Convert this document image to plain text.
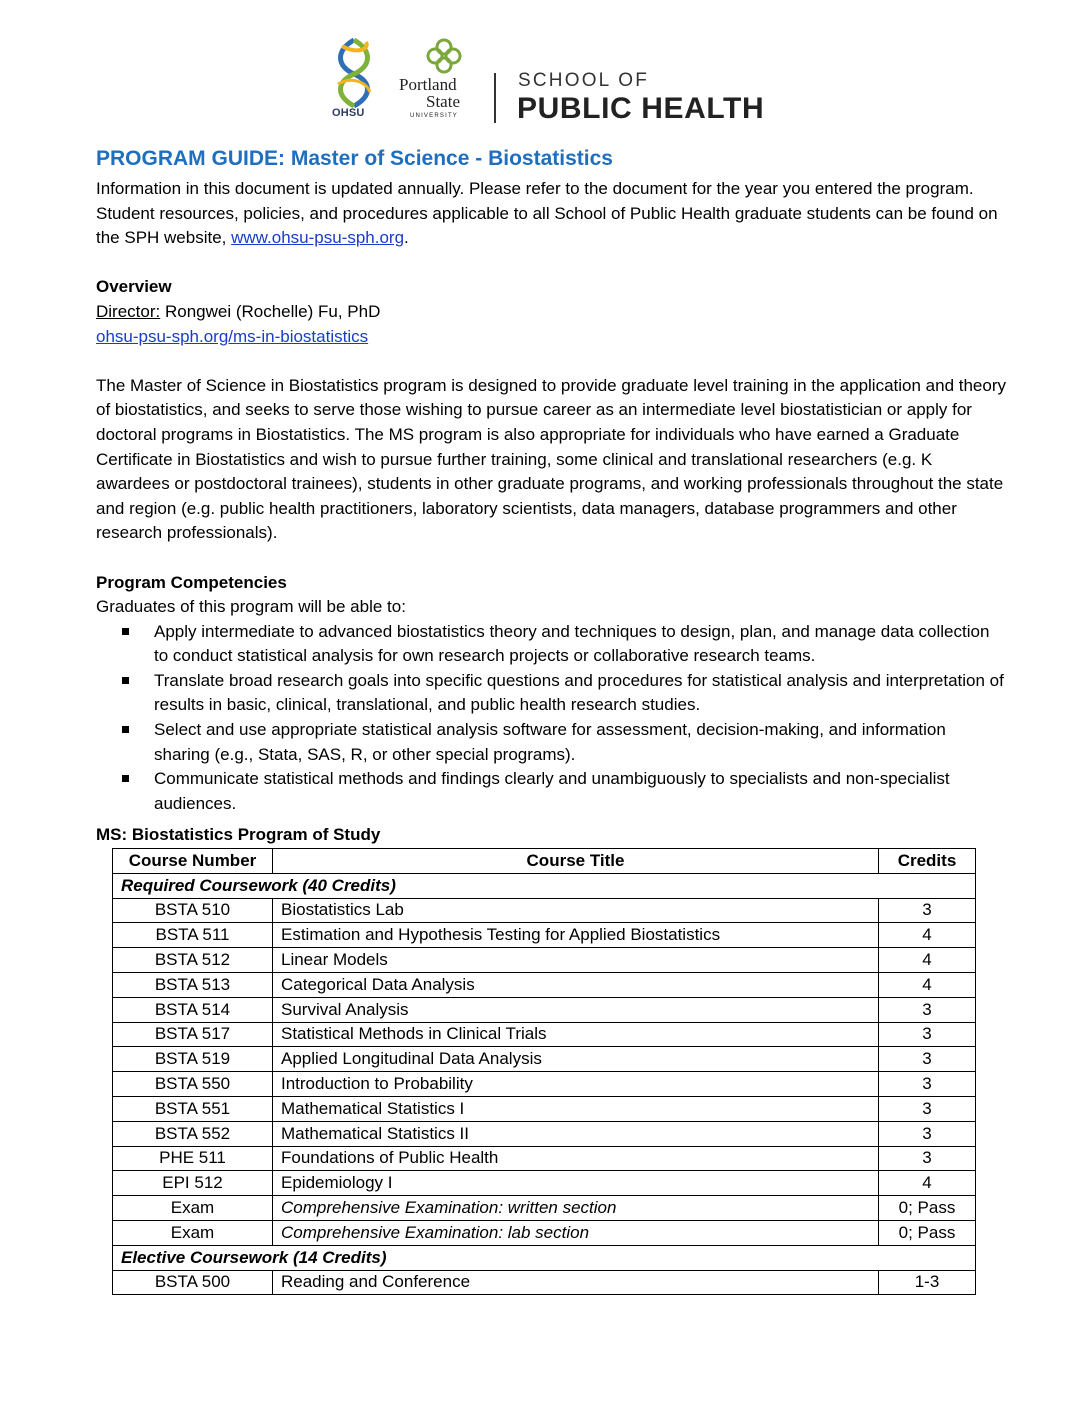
OHSU
Portland
State
UNIVERSITY
SCHOOL OF
PUBLIC HEALTH
PROGRAM GUIDE: Master of Science - Biostatistics

Information in this document is updated annually. Please refer to the document for the year you entered the program. Student resources, policies, and procedures applicable to all School of Public Health graduate students can be found on the SPH website, www.ohsu-psu-sph.org.

Overview

Director: Rongwei (Rochelle) Fu, PhD

ohsu-psu-sph.org/ms-in-biostatistics

The Master of Science in Biostatistics program is designed to provide graduate level training in the application and theory of biostatistics, and seeks to serve those wishing to pursue career as an intermediate level biostatistician or apply for doctoral programs in Biostatistics. The MS program is also appropriate for individuals who have earned a Graduate Certificate in Biostatistics and wish to pursue further training, some clinical and translational researchers (e.g. K awardees or postdoctoral trainees), students in other graduate programs, and working professionals throughout the state and region (e.g. public health practitioners, laboratory scientists, data managers, database programmers and other research professionals).

Program Competencies

Graduates of this program will be able to:

Apply intermediate to advanced biostatistics theory and techniques to design, plan, and manage data collection to conduct statistical analysis for own research projects or collaborative research teams.
Translate broad research goals into specific questions and procedures for statistical analysis and interpretation of results in basic, clinical, translational, and public health research studies.
Select and use appropriate statistical analysis software for assessment, decision-making, and information sharing (e.g., Stata, SAS, R, or other special programs).
Communicate statistical methods and findings clearly and unambiguously to specialists and non-specialist audiences.
MS: Biostatistics Program of Study
Course Number	Course Title	Credits
Required Coursework (40 Credits)		
BSTA 510	Biostatistics Lab	3
BSTA 511	Estimation and Hypothesis Testing for Applied Biostatistics	4
BSTA 512	Linear Models	4
BSTA 513	Categorical Data Analysis	4
BSTA 514	Survival Analysis	3
BSTA 517	Statistical Methods in Clinical Trials	3
BSTA 519	Applied Longitudinal Data Analysis	3
BSTA 550	Introduction to Probability	3
BSTA 551	Mathematical Statistics I	3
BSTA 552	Mathematical Statistics II	3
PHE 511	Foundations of Public Health	3
EPI 512	Epidemiology I	4
Exam	Comprehensive Examination: written section	0; Pass
Exam	Comprehensive Examination: lab section	0; Pass
Elective Coursework (14 Credits)		
BSTA 500	Reading and Conference	1-3
